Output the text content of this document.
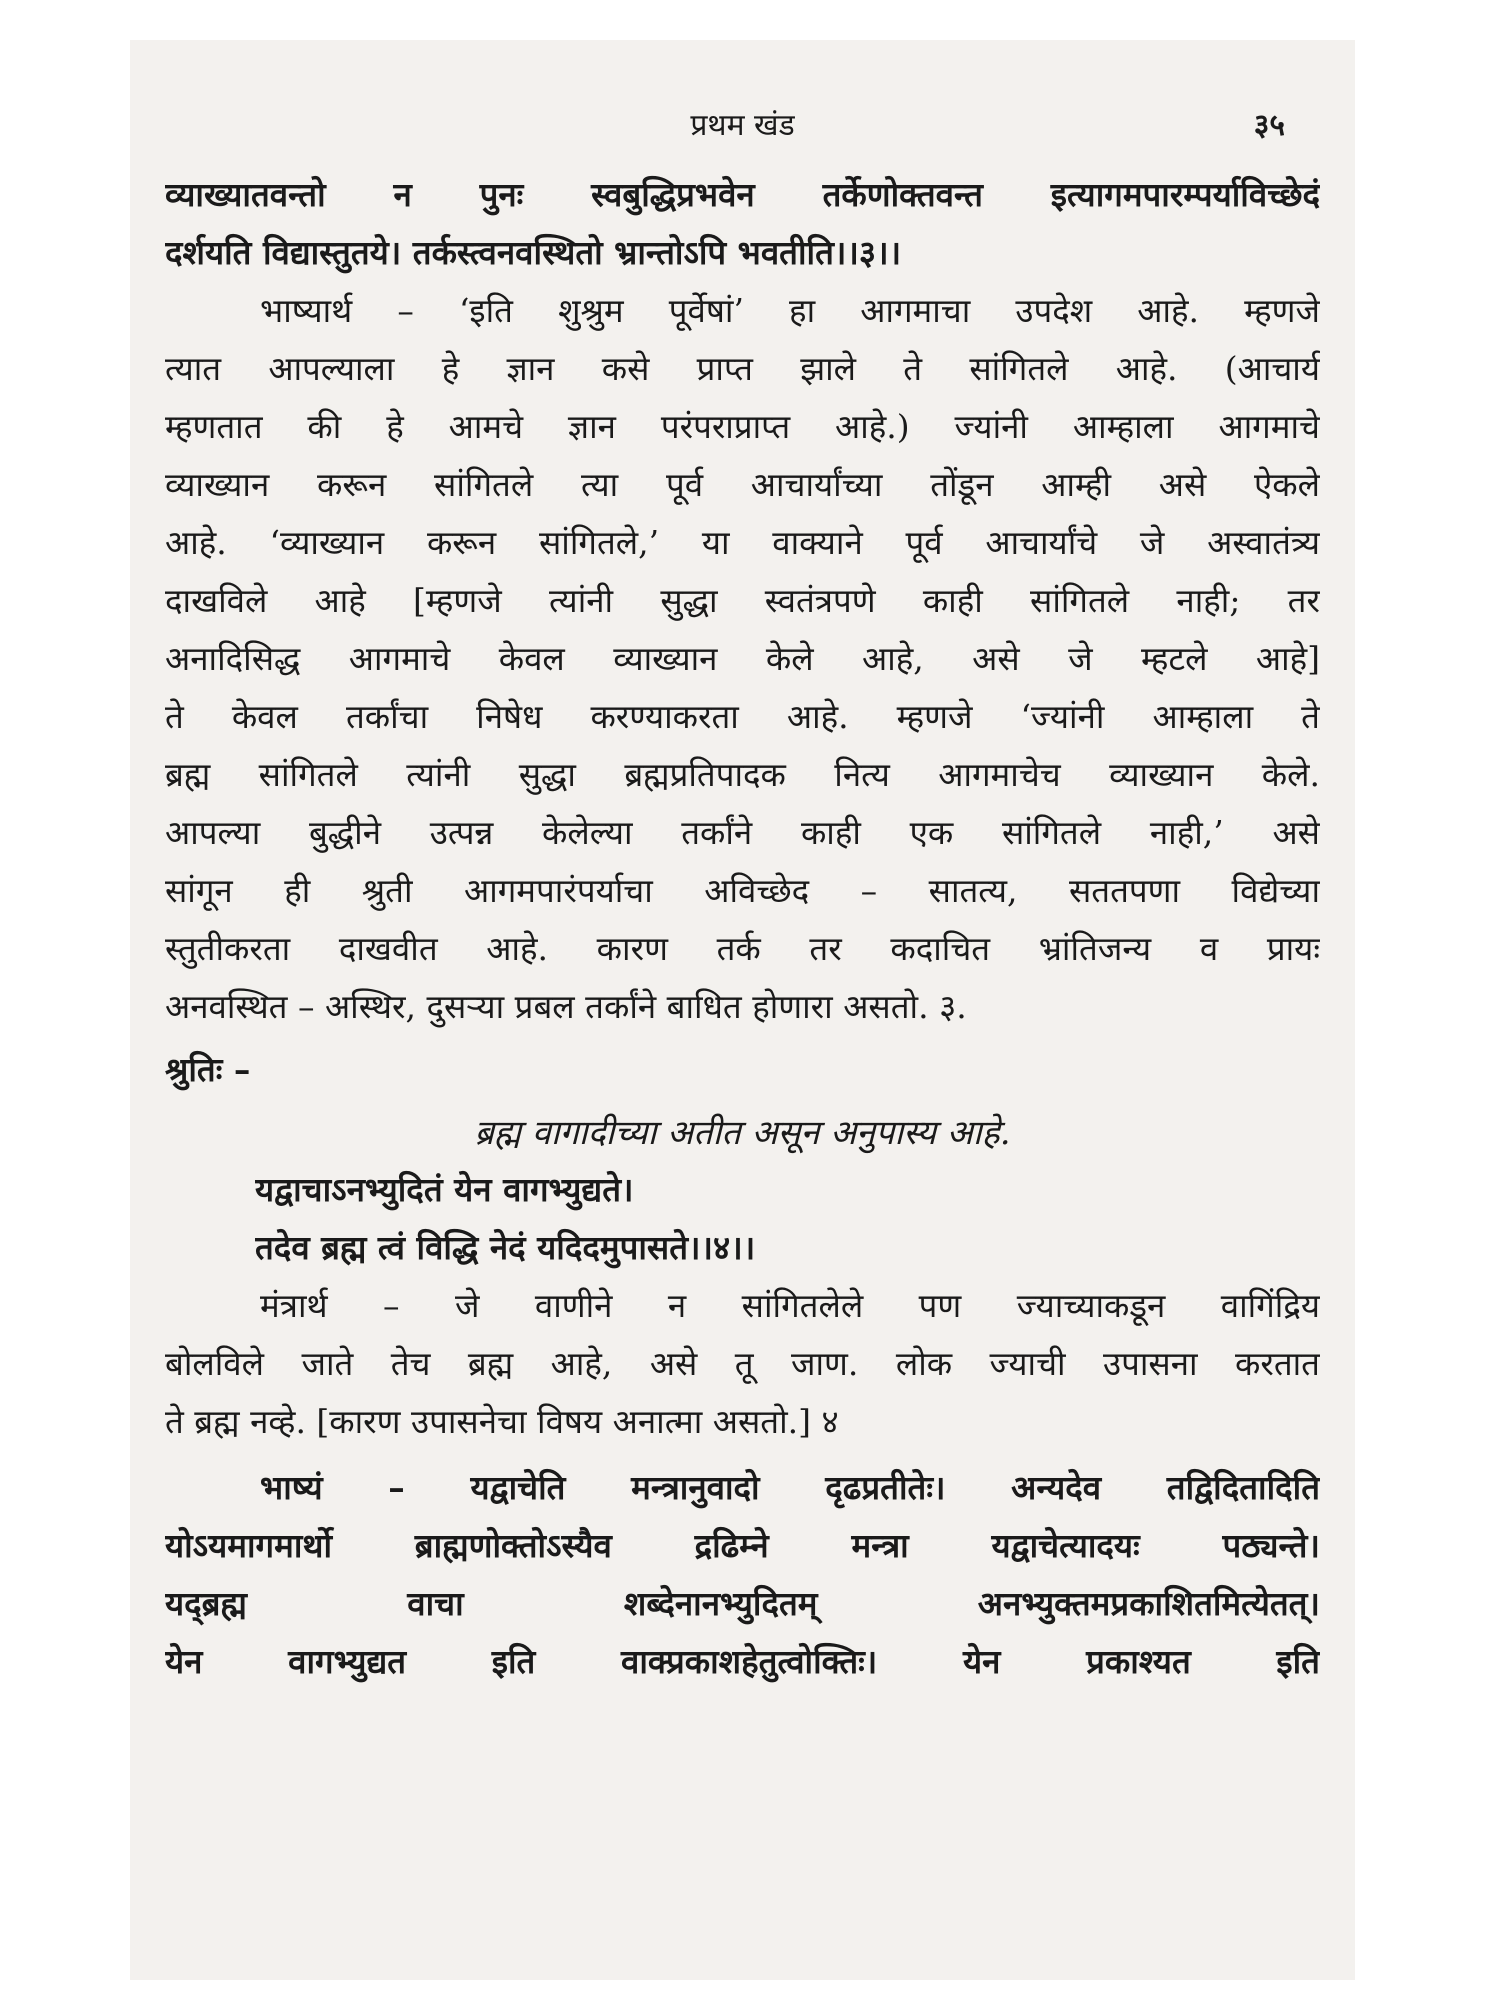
प्रथम खंड	३५
व्याख्यातवन्तो न पुनः स्वबुद्धिप्रभवेन तर्केणोक्तवन्त इत्यागमपारम्पर्याविच्छेदं
दर्शयति विद्यास्तुतये। तर्कस्त्वनवस्थितो भ्रान्तोऽपि भवतीति।।३।।
भाष्यार्थ – ‘इति शुश्रुम पूर्वेषां’ हा आगमाचा उपदेश आहे. म्हणजे
त्यात आपल्याला हे ज्ञान कसे प्राप्त झाले ते सांगितले आहे. (आचार्य
म्हणतात की हे आमचे ज्ञान परंपराप्राप्त आहे.) ज्यांनी आम्हाला आगमाचे
व्याख्यान करून सांगितले त्या पूर्व आचार्यांच्या तोंडून आम्ही असे ऐकले
आहे. ‘व्याख्यान करून सांगितले,’ या वाक्याने पूर्व आचार्यांचे जे अस्वातंत्र्य
दाखविले आहे [म्हणजे त्यांनी सुद्धा स्वतंत्रपणे काही सांगितले नाही; तर
अनादिसिद्ध आगमाचे केवल व्याख्यान केले आहे, असे जे म्हटले आहे]
ते केवल तर्कांचा निषेध करण्याकरता आहे. म्हणजे ‘ज्यांनी आम्हाला ते
ब्रह्म सांगितले त्यांनी सुद्धा ब्रह्मप्रतिपादक नित्य आगमाचेच व्याख्यान केले.
आपल्या बुद्धीने उत्पन्न केलेल्या तर्कांने काही एक सांगितले नाही,’ असे
सांगून ही श्रुती आगमपारंपर्याचा अविच्छेद – सातत्य, सततपणा विद्येच्या
स्तुतीकरता दाखवीत आहे. कारण तर्क तर कदाचित भ्रांतिजन्य व प्रायः
अनवस्थित – अस्थिर, दुसऱ्या प्रबल तर्कांने बाधित होणारा असतो. ३.
श्रुतिः –
ब्रह्म वागादीच्या अतीत असून अनुपास्य आहे.
यद्वाचाऽनभ्युदितं येन वागभ्युद्यते।
तदेव ब्रह्म त्वं विद्धि नेदं यदिदमुपासते।।४।।
मंत्रार्थ – जे वाणीने न सांगितलेले पण ज्याच्याकडून वागिंद्रिय
बोलविले जाते तेच ब्रह्म आहे, असे तू जाण. लोक ज्याची उपासना करतात
ते ब्रह्म नव्हे. [कारण उपासनेचा विषय अनात्मा असतो.] ४
भाष्यं – यद्वाचेति मन्त्रानुवादो दृढप्रतीतेः। अन्यदेव तद्विदितादिति
योऽयमागमार्थो ब्राह्मणोक्तोऽस्यैव द्रढिम्ने मन्त्रा यद्वाचेत्यादयः पठ्यन्ते।
यद्ब्रह्म वाचा शब्देनानभ्युदितम् अनभ्युक्तमप्रकाशितमित्येतत्।
येन वागभ्युद्यत इति वाक्प्रकाशहेतुत्वोक्तिः। येन प्रकाश्यत इति
